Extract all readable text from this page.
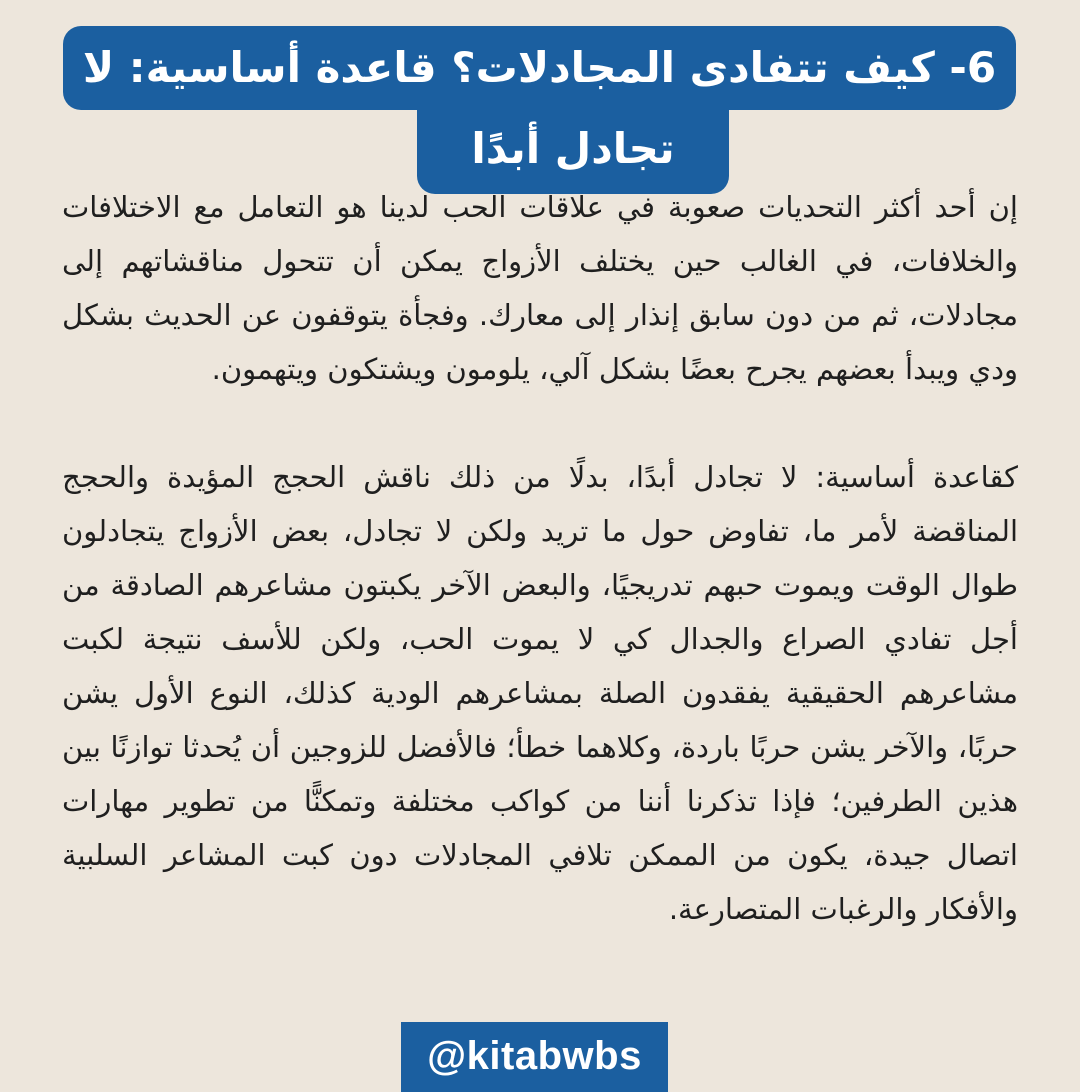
6- كيف تتفادى المجادلات؟ قاعدة أساسية: لا
تجادل أبدًا

إن أحد أكثر التحديات صعوبة في علاقات الحب لدينا هو التعامل مع الاختلافات والخلافات، في الغالب حين يختلف الأزواج يمكن أن تتحول مناقشاتهم إلى مجادلات، ثم من دون سابق إنذار إلى معارك. وفجأة يتوقفون عن الحديث بشكل ودي ويبدأ بعضهم يجرح بعضًا بشكل آلي، يلومون ويشتكون ويتهمون.

كقاعدة أساسية: لا تجادل أبدًا، بدلًا من ذلك ناقش الحجج المؤيدة والحجج المناقضة لأمر ما، تفاوض حول ما تريد ولكن لا تجادل، بعض الأزواج يتجادلون طوال الوقت ويموت حبهم تدريجيًا، والبعض الآخر يكبتون مشاعرهم الصادقة من أجل تفادي الصراع والجدال كي لا يموت الحب، ولكن للأسف نتيجة لكبت مشاعرهم الحقيقية يفقدون الصلة بمشاعرهم الودية كذلك، النوع الأول يشن حربًا، والآخر يشن حربًا باردة، وكلاهما خطأ؛ فالأفضل للزوجين أن يُحدثا توازنًا بين هذين الطرفين؛ فإذا تذكرنا أننا من كواكب مختلفة وتمكنًّا من تطوير مهارات اتصال جيدة، يكون من الممكن تلافي المجادلات دون كبت المشاعر السلبية والأفكار والرغبات المتصارعة.

@kitabwbs
